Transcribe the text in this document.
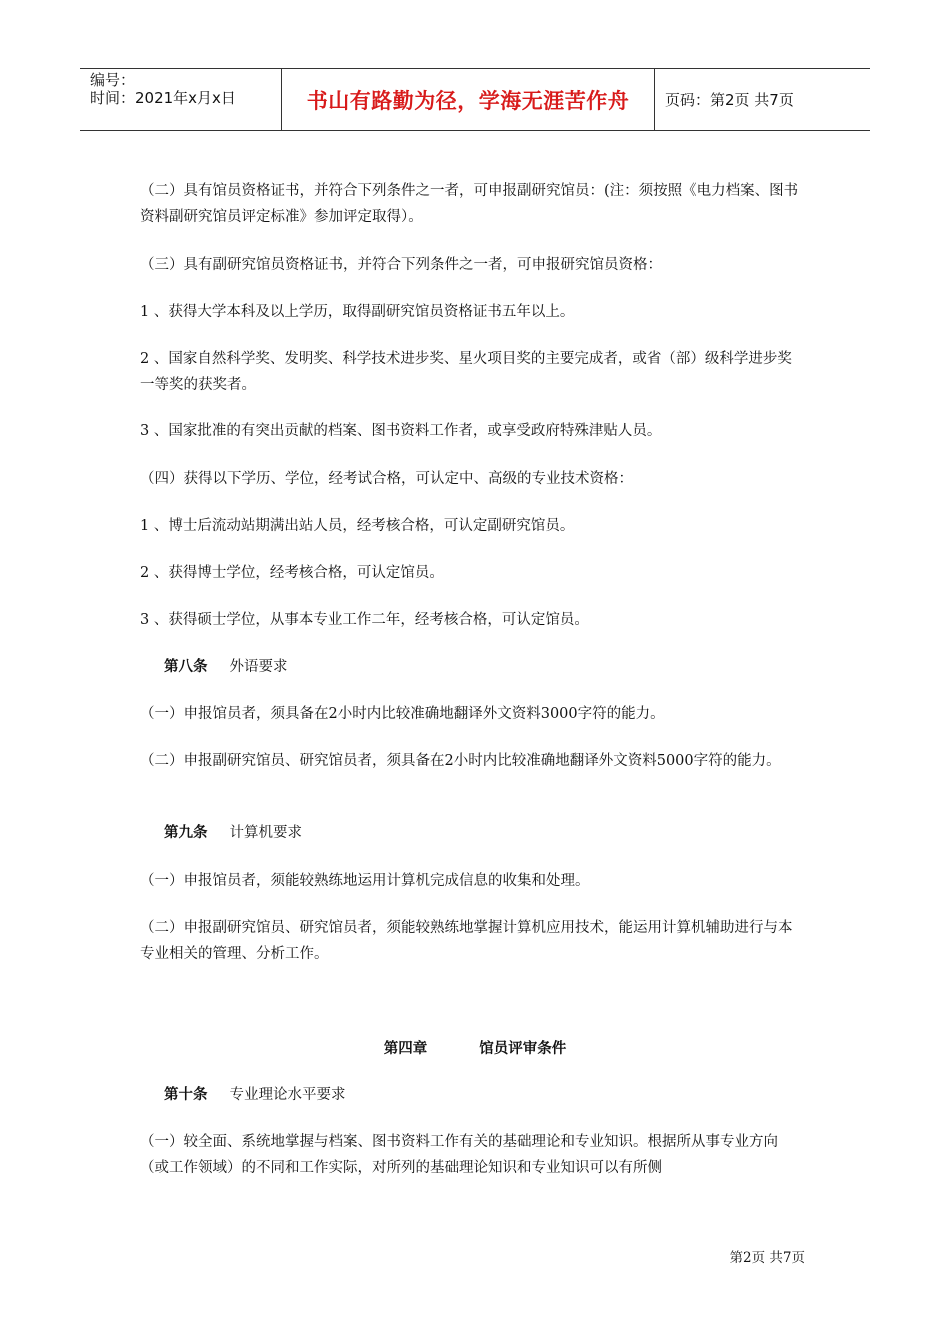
编号：
时间：2021年x月x日	书山有路勤为径，学海无涯苦作舟	页码：第2页 共7页

（二）具有馆员资格证书，并符合下列条件之一者，可申报副研究馆员：(注：须按照《电力档案、图书资料副研究馆员评定标准》参加评定取得）。

（三）具有副研究馆员资格证书，并符合下列条件之一者，可申报研究馆员资格：

1 、获得大学本科及以上学历，取得副研究馆员资格证书五年以上。

2 、国家自然科学奖、发明奖、科学技术进步奖、星火项目奖的主要完成者，或省（部）级科学进步奖一等奖的获奖者。

3 、国家批准的有突出贡献的档案、图书资料工作者，或享受政府特殊津贴人员。

（四）获得以下学历、学位，经考试合格，可认定中、高级的专业技术资格：

1 、博士后流动站期满出站人员，经考核合格，可认定副研究馆员。

2 、获得博士学位，经考核合格，可认定馆员。

3 、获得硕士学位，从事本专业工作二年，经考核合格，可认定馆员。

第八条 外语要求

（一）申报馆员者，须具备在2小时内比较准确地翻译外文资料3000字符的能力。

（二）申报副研究馆员、研究馆员者，须具备在2小时内比较准确地翻译外文资料5000字符的能力。

第九条 计算机要求

（一）申报馆员者，须能较熟练地运用计算机完成信息的收集和处理。

（二）申报副研究馆员、研究馆员者，须能较熟练地掌握计算机应用技术，能运用计算机辅助进行与本专业相关的管理、分析工作。

第四章	馆员评审条件

第十条 专业理论水平要求

（一）较全面、系统地掌握与档案、图书资料工作有关的基础理论和专业知识。根据所从事专业方向（或工作领域）的不同和工作实际，对所列的基础理论知识和专业知识可以有所侧

第2页 共7页
